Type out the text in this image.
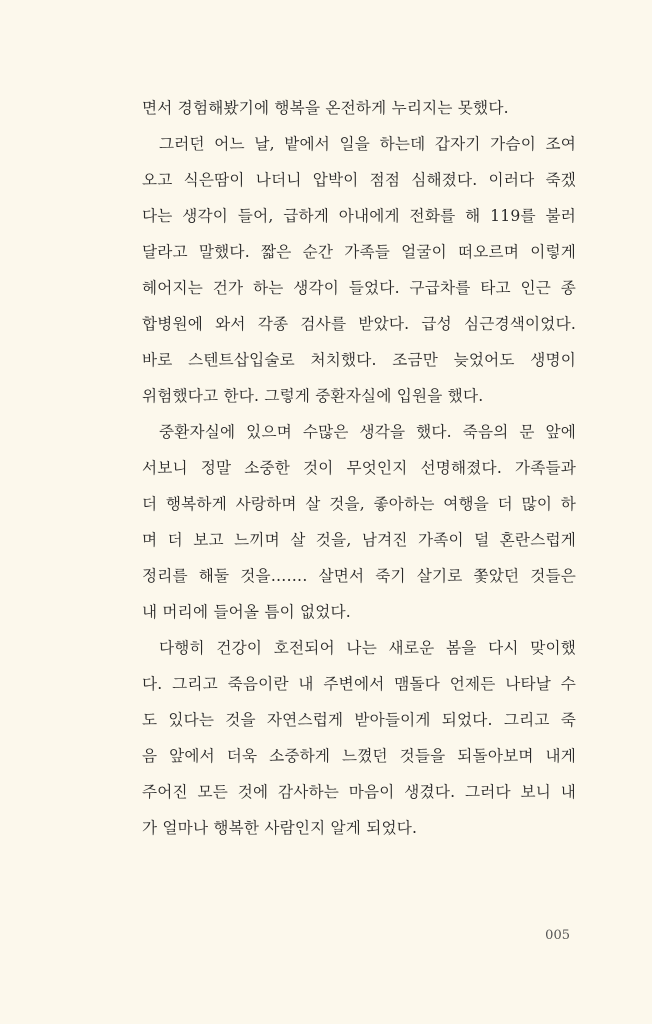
면서 경험해봤기에 행복을 온전하게 누리지는 못했다.
그러던 어느 날, 밭에서 일을 하는데 갑자기 가슴이 조여
오고 식은땀이 나더니 압박이 점점 심해졌다. 이러다 죽겠
다는 생각이 들어, 급하게 아내에게 전화를 해 119를 불러
달라고 말했다. 짧은 순간 가족들 얼굴이 떠오르며 이렇게
헤어지는 건가 하는 생각이 들었다. 구급차를 타고 인근 종
합병원에 와서 각종 검사를 받았다. 급성 심근경색이었다.
바로 스텐트삽입술로 처치했다. 조금만 늦었어도 생명이
위험했다고 한다. 그렇게 중환자실에 입원을 했다.
중환자실에 있으며 수많은 생각을 했다. 죽음의 문 앞에
서보니 정말 소중한 것이 무엇인지 선명해졌다. 가족들과
더 행복하게 사랑하며 살 것을, 좋아하는 여행을 더 많이 하
며 더 보고 느끼며 살 것을, 남겨진 가족이 덜 혼란스럽게
정리를 해둘 것을……. 살면서 죽기 살기로 쫓았던 것들은
내 머리에 들어올 틈이 없었다.
다행히 건강이 호전되어 나는 새로운 봄을 다시 맞이했
다. 그리고 죽음이란 내 주변에서 맴돌다 언제든 나타날 수
도 있다는 것을 자연스럽게 받아들이게 되었다. 그리고 죽
음 앞에서 더욱 소중하게 느꼈던 것들을 되돌아보며 내게
주어진 모든 것에 감사하는 마음이 생겼다. 그러다 보니 내
가 얼마나 행복한 사람인지 알게 되었다.
005
